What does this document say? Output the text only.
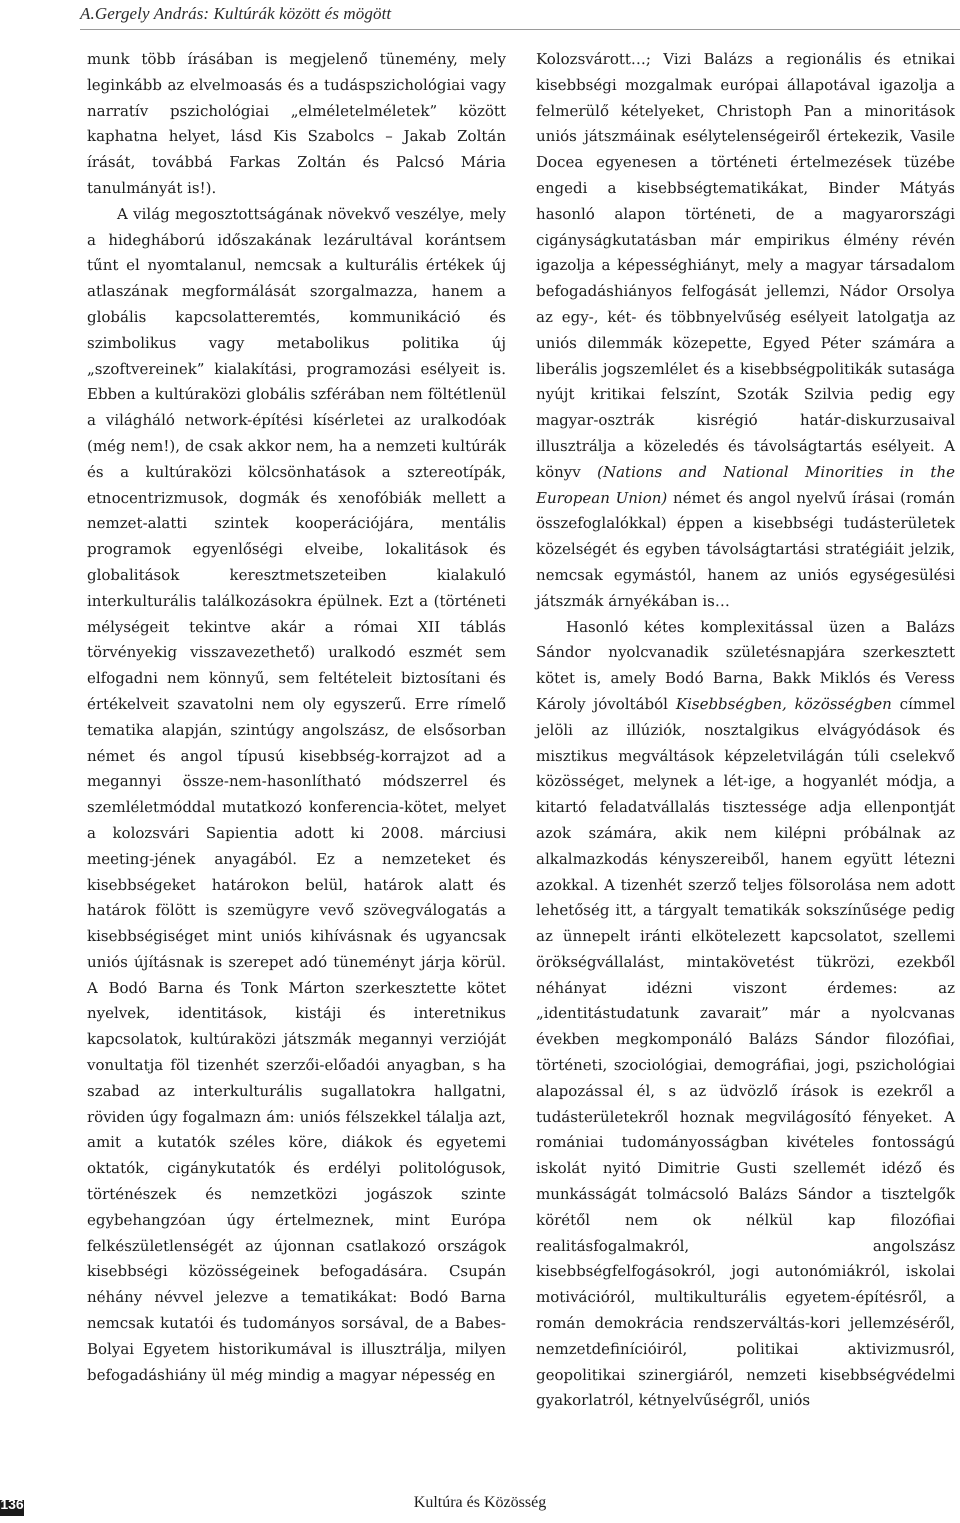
A.Gergely András: Kultúrák között és mögött

munk több írásában is megjelenő tünemény, mely leginkább az elvelmoasás és a tudáspszichológiai vagy narratív pszichológiai „elméletelméletek” között kaphatna helyet, lásd Kis Szabolcs – Jakab Zoltán írását, továbbá Farkas Zoltán és Palcsó Mária tanulmányát is!).

A világ megosztottságának növekvő veszélye, mely a hidegháború időszakának lezárultával korántsem tűnt el nyomtalanul, nemcsak a kulturális értékek új atlaszának megformálását szorgalmazza, hanem a globális kapcsolatteremtés, kommunikáció és szimbolikus vagy metabolikus politika új „szoftvereinek” kialakítási, programozási esélyeit is. Ebben a kultúraközi globális szférában nem föltétlenül a világháló network-építési kísérletei az uralkodóak (még nem!), de csak akkor nem, ha a nemzeti kultúrák és a kultúraközi kölcsönhatások a sztereotípák, etnocentrizmusok, dogmák és xenofóbiák mellett a nemzet-alatti szintek kooperációjára, mentális programok egyenlőségi elveibe, lokalitások és globalitások keresztmetszeteiben kialakuló interkulturális találkozásokra épülnek. Ezt a (történeti mélységeit tekintve akár a római XII táblás törvényekig visszavezethető) uralkodó eszmét sem elfogadni nem könnyű, sem feltételeit biztosítani és értékelveit szavatolni nem oly egyszerű. Erre rímelő tematika alapján, szintúgy angolszász, de elsősorban német és angol típusú kisebbség-korrajzot ad a megannyi össze-nem-hasonlítható módszerrel és szemléletmóddal mutatkozó konferencia-kötet, melyet a kolozsvári Sapientia adott ki 2008. márciusi meeting-jének anyagából. Ez a nemzeteket és kisebbségeket határokon belül, határok alatt és határok fölött is szemügyre vevő szövegválogatás a kisebbségiséget mint uniós kihívásnak és ugyancsak uniós újításnak is szerepet adó tüneményt járja körül. A Bodó Barna és Tonk Márton szerkesztette kötet nyelvek, identitások, kistáji és interetnikus kapcsolatok, kultúraközi játszmák megannyi verzióját vonultatja föl tizenhét szerzői-előadói anyagban, s ha szabad az interkulturális sugallatokra hallgatni, röviden úgy fogalmazn ám: uniós félszekkel tálalja azt, amit a kutatók széles köre, diákok és egyetemi oktatók, cigánykutatók és erdélyi politológusok, történészek és nemzetközi jogászok szinte egybehangzóan úgy értelmeznek, mint Európa felkészületlenségét az újonnan csatlakozó országok kisebbségi közösségeinek befogadására. Csupán néhány névvel jelezve a tematikákat: Bodó Barna nemcsak kutatói és tudományos sorsával, de a Babes-Bolyai Egyetem historikumával is illusztrálja, milyen befogadáshiány ül még mindig a magyar népesség en

Kolozsvárott…; Vizi Balázs a regionális és etnikai kisebbségi mozgalmak európai állapotával igazolja a felmerülő kételyeket, Christoph Pan a minoritások uniós játszmáinak esélytelenségeiről értekezik, Vasile Docea egyenesen a történeti értelmezések tüzébe engedi a kisebbségtematikákat, Binder Mátyás hasonló alapon történeti, de a magyarországi cigányságkutatásban már empirikus élmény révén igazolja a képességhiányt, mely a magyar társadalom befogadáshiányos felfogását jellemzi, Nádor Orsolya az egy-, két- és többnyelvűség esélyeit latolgatja az uniós dilemmák közepette, Egyed Péter számára a liberális jogszemlélet és a kisebbségpolitikák sutasága nyújt kritikai felszínt, Szoták Szilvia pedig egy magyar-osztrák kisrégió határ-diskurzusaival illusztrálja a közeledés és távolságtartás esélyeit. A könyv (Nations and National Minorities in the European Union) német és angol nyelvű írásai (román összefoglalókkal) éppen a kisebbségi tudásterületek közelségét és egyben távolságtartási stratégiáit jelzik, nemcsak egymástól, hanem az uniós egységesülési játszmák árnyékában is…

Hasonló kétes komplexitással üzen a Balázs Sándor nyolcvanadik születésnapjára szerkesztett kötet is, amely Bodó Barna, Bakk Miklós és Veress Károly jóvoltából Kisebbségben, közösségben címmel jelöli az illúziók, nosztalgikus elvágyódások és misztikus megváltások képzeletvilágán túli cselekvő közösséget, melynek a lét-ige, a hogyanlét módja, a kitartó feladatvállalás tisztessége adja ellenpontját azok számára, akik nem kilépni próbálnak az alkalmazkodás kényszereiből, hanem együtt létezni azokkal. A tizenhét szerző teljes fölsorolása nem adott lehetőség itt, a tárgyalt tematikák sokszínűsége pedig az ünnepelt iránti elkötelezett kapcsolatot, szellemi örökségvállalást, mintakövetést tükrözi, ezekből néhányat idézni viszont érdemes: az „identitástudatunk zavarait” már a nyolcvanas években megkomponáló Balázs Sándor filozófiai, történeti, szociológiai, demográfiai, jogi, pszichológiai alapozással él, s az üdvözlő írások is ezekről a tudásterületekről hoznak megvilágosító fényeket. A romániai tudományosságban kivételes fontosságú iskolát nyitó Dimitrie Gusti szellemét idéző és munkásságát tolmácsoló Balázs Sándor a tisztelgők körétől nem ok nélkül kap filozófiai realitásfogalmakról, angolszász kisebbségfelfogásokról, jogi autonómiákról, iskolai motivációról, multikulturális egyetem-építésről, a román demokrácia rendszerváltás-kori jellemzéséről, nemzetdefinícióiról, politikai aktivizmusról, geopolitikai szinergiáról, nemzeti kisebbségvédelmi gyakorlatról, kétnyelvűségről, uniós

136	Kultúra és Közösség
